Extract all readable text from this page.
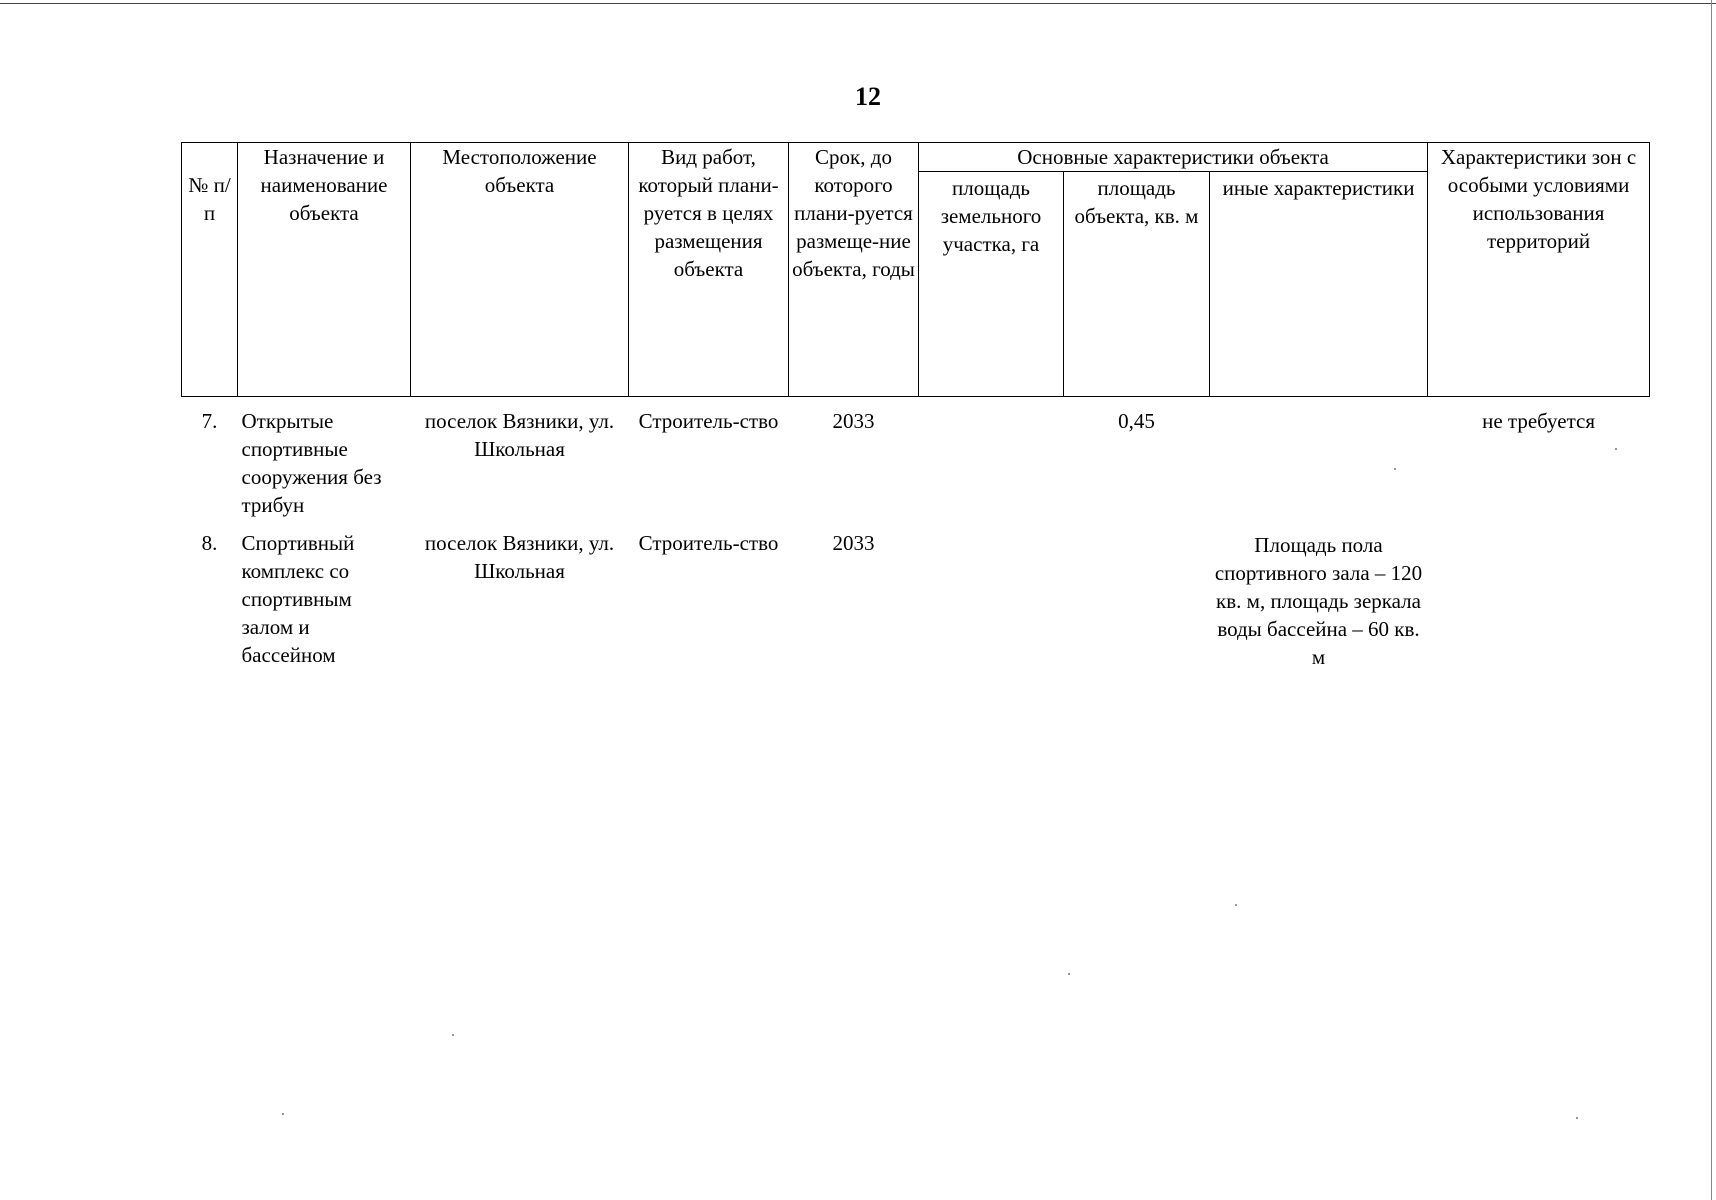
12
№ п/п	Назначение и наименование объекта	Местоположение объекта	Вид работ, который плани-руется в целях размещения объекта	Срок, до которого плани-руется размеще-ние объекта, годы	Основные характеристики объекта			Характеристики зон с особыми условиями использования территорий
					площадь земельного участка, га	площадь объекта, кв. м	иные характеристики	
7.	Открытые спортивные сооружения без трибун	поселок Вязники, ул. Школьная	Строитель-ство	2033		0,45		не требуется
8.	Спортивный комплекс со спортивным залом и бассейном	поселок Вязники, ул. Школьная	Строитель-ство	2033			Площадь пола спортивного зала – 120 кв. м, площадь зеркала воды бассейна – 60 кв. м	
